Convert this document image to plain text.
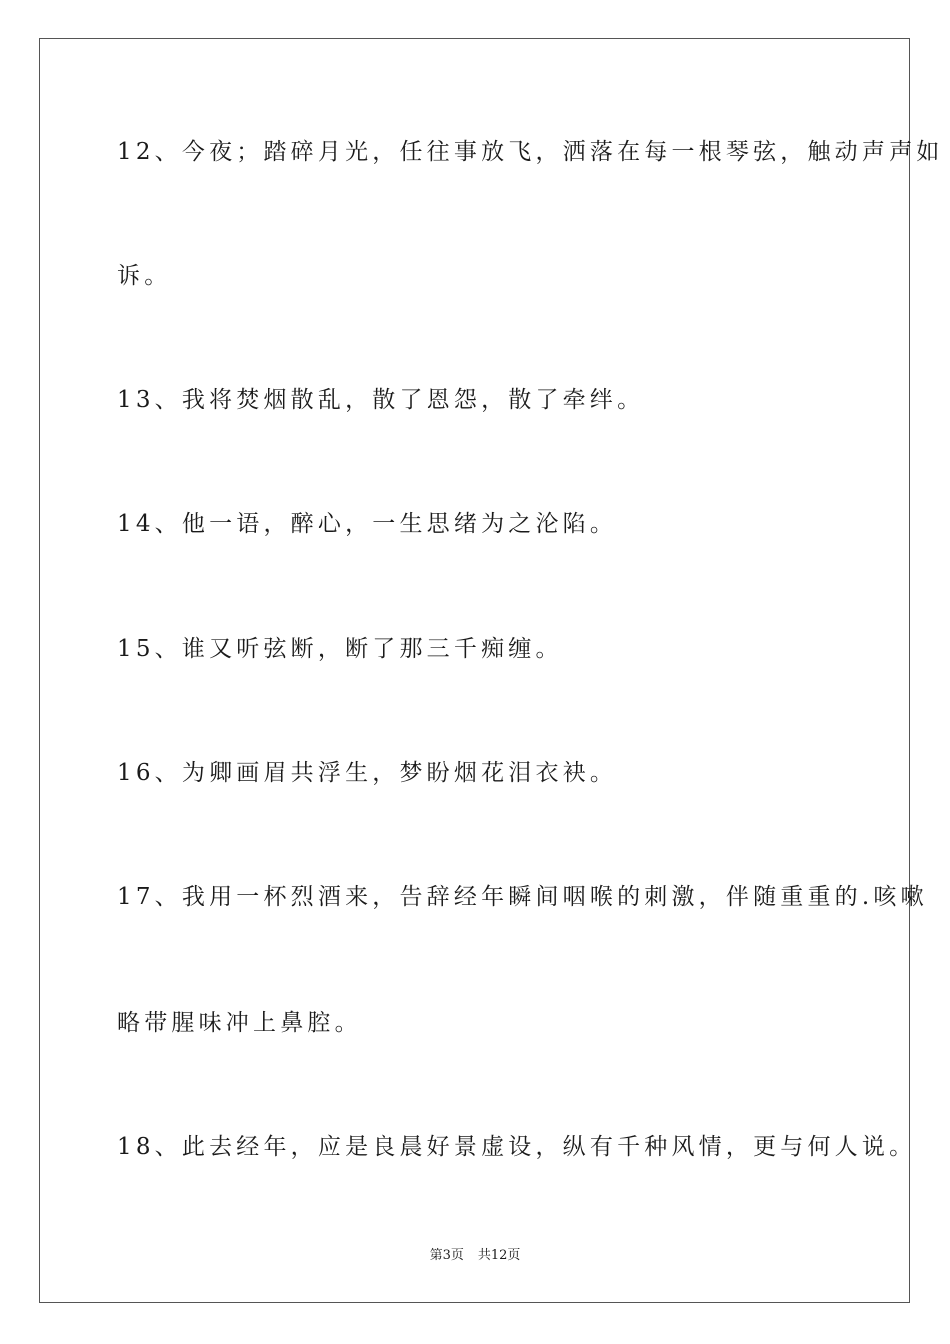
12、今夜；踏碎月光，任往事放飞，洒落在每一根琴弦，触动声声如
诉。
13、我将焚烟散乱，散了恩怨，散了牵绊。
14、他一语，醉心，一生思绪为之沦陷。
15、谁又听弦断，断了那三千痴缠。
16、为卿画眉共浮生，梦盼烟花泪衣袂。
17、我用一杯烈酒来，告辞经年瞬间咽喉的刺激，伴随重重的.咳嗽
略带腥味冲上鼻腔。
18、此去经年，应是良晨好景虚设，纵有千种风情，更与何人说。
第3页 共12页
